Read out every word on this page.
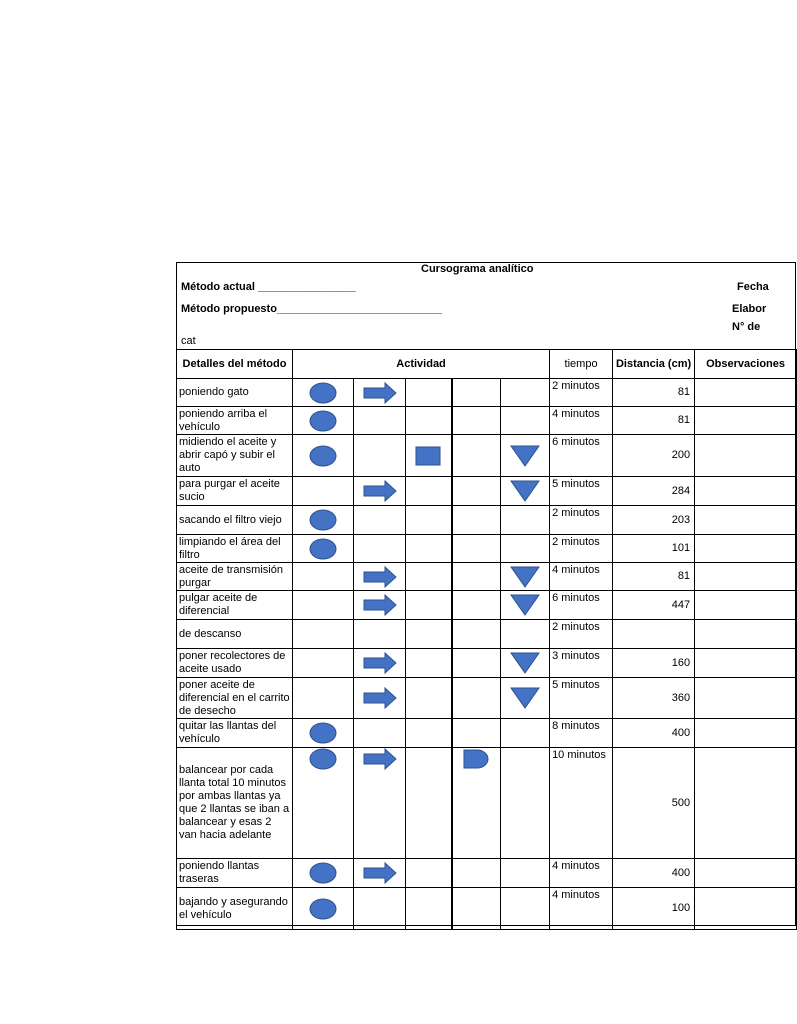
Cursograma analítico
Método actual ________________	Fecha
Método propuesto___________________________	Elabor
N° de
cat
Detalles del método	Actividad					tiempo	Distancia (cm)	Observaciones
poniendo gato						2 minutos	81	
poniendo arriba el vehículo						4 minutos	81	
midiendo el aceite y abrir capó y subir el auto						6 minutos	200	
para purgar el aceite sucio						5 minutos	284	
sacando el filtro viejo						2 minutos	203	
limpiando el área del filtro						2 minutos	101	
aceite de transmisión purgar						4 minutos	81	
pulgar aceite de diferencial						6 minutos	447	
de descanso						2 minutos		
poner recolectores de aceite usado						3 minutos	160	
poner aceite de diferencial en el carrito de desecho						5 minutos	360	
quitar las llantas del vehículo						8 minutos	400	
balancear por cada llanta total 10 minutos por ambas llantas ya que 2 llantas se iban a balancear y esas 2 van hacia adelante						10 minutos	500	
poniendo llantas traseras						4 minutos	400	
bajando y asegurando el vehículo						4 minutos	100	
